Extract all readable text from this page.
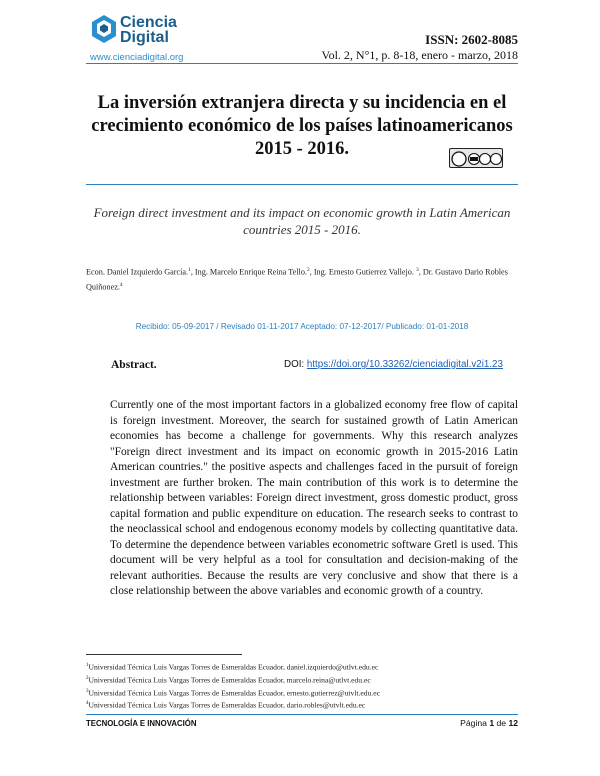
Ciencia Digital
www.cienciadigital.org
ISSN: 2602-8085
Vol. 2, N°1, p. 8-18, enero - marzo, 2018
La inversión extranjera directa y su incidencia en el crecimiento económico de los países latinoamericanos 2015 - 2016.
Foreign direct investment and its impact on economic growth in Latin American countries 2015 - 2016.
Econ. Daniel Izquierdo García.$^1$, Ing. Marcelo Enrique Reina Tello.$^2$, Ing. Ernesto Gutierrez Vallejo. $^3$, Dr. Gustavo Dario Robles Quiñonez.$^4$
Recibido: 05-09-2017 / Revisado 01-11-2017 Aceptado: 07-12-2017/ Publicado: 01-01-2018
Abstract.	DOI: https://doi.org/10.33262/cienciadigital.v2i1.23
Currently one of the most important factors in a globalized economy free flow of capital is foreign investment. Moreover, the search for sustained growth of Latin American economies has become a challenge for governments. Why this research analyzes "Foreign direct investment and its impact on economic growth in 2015-2016 Latin American countries." the positive aspects and challenges faced in the pursuit of foreign investment are further broken. The main contribution of this work is to determine the relationship between variables: Foreign direct investment, gross domestic product, gross capital formation and public expenditure on education. The research seeks to contrast to the neoclassical school and endogenous economy models by collecting quantitative data. To determine the dependence between variables econometric software Gretl is used. This document will be very helpful as a tool for consultation and decision-making of the relevant authorities. Because the results are very conclusive and show that there is a close relationship between the above variables and economic growth of a country.
$^1$Universidad Técnica Luis Vargas Torres de Esmeraldas Ecuador, daniel.izquierdo@utlvt.edu.ec
$^2$Universidad Técnica Luis Vargas Torres de Esmeraldas Ecuador, marcelo.reina@utlvt.edu.ec
$^3$Universidad Técnica Luis Vargas Torres de Esmeraldas Ecuador, ernesto.gutierrez@utvlt.edu.ec
$^4$Universidad Técnica Luis Vargas Torres de Esmeraldas Ecuador, dario.robles@utvlt.edu.ec
TECNOLOGÍA E INNOVACIÓN	Página 1 de 12
